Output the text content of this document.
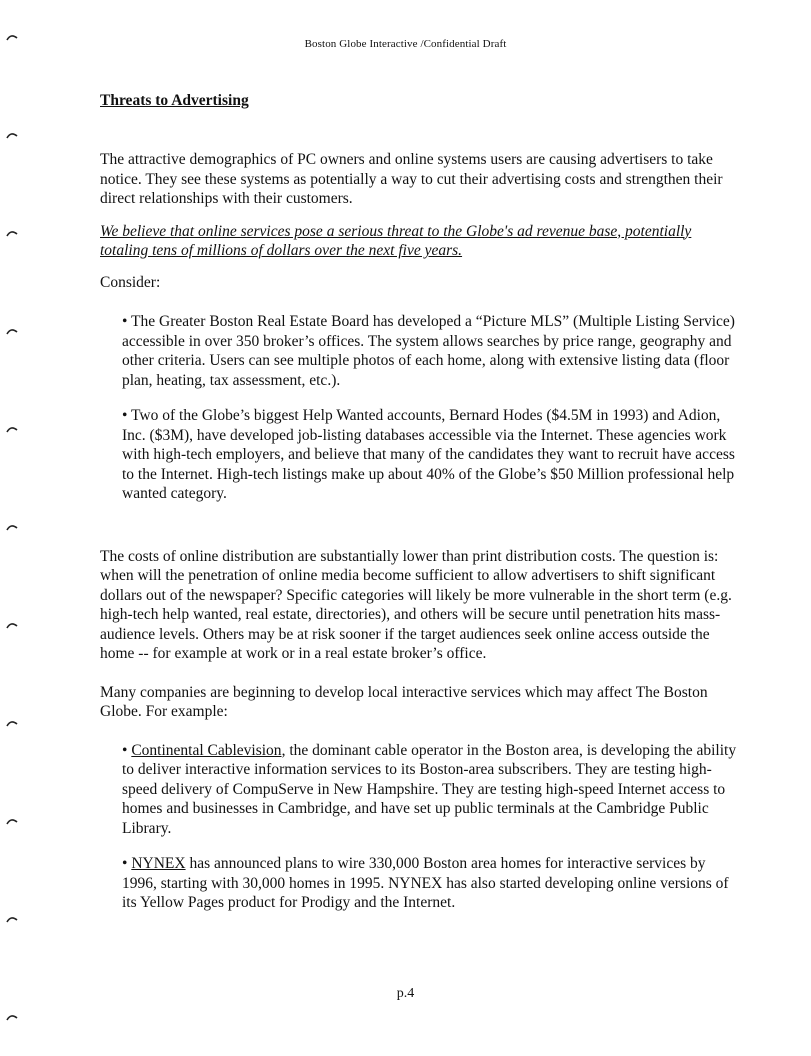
Boston Globe Interactive /Confidential Draft
Threats to Advertising

The attractive demographics of PC owners and online systems users are causing advertisers to take notice. They see these systems as potentially a way to cut their advertising costs and strengthen their direct relationships with their customers.

We believe that online services pose a serious threat to the Globe's ad revenue base, potentially totaling tens of millions of dollars over the next five years.

Consider:

• The Greater Boston Real Estate Board has developed a “Picture MLS” (Multiple Listing Service) accessible in over 350 broker’s offices. The system allows searches by price range, geography and other criteria. Users can see multiple photos of each home, along with extensive listing data (floor plan, heating, tax assessment, etc.).

• Two of the Globe’s biggest Help Wanted accounts, Bernard Hodes ($4.5M in 1993) and Adion, Inc. ($3M), have developed job-listing databases accessible via the Internet. These agencies work with high-tech employers, and believe that many of the candidates they want to recruit have access to the Internet. High-tech listings make up about 40% of the Globe’s $50 Million professional help wanted category.

The costs of online distribution are substantially lower than print distribution costs. The question is: when will the penetration of online media become sufficient to allow advertisers to shift significant dollars out of the newspaper? Specific categories will likely be more vulnerable in the short term (e.g. high-tech help wanted, real estate, directories), and others will be secure until penetration hits mass-audience levels. Others may be at risk sooner if the target audiences seek online access outside the home -- for example at work or in a real estate broker’s office.

Many companies are beginning to develop local interactive services which may affect The Boston Globe. For example:

• Continental Cablevision, the dominant cable operator in the Boston area, is developing the ability to deliver interactive information services to its Boston-area subscribers. They are testing high-speed delivery of CompuServe in New Hampshire. They are testing high-speed Internet access to homes and businesses in Cambridge, and have set up public terminals at the Cambridge Public Library.

• NYNEX has announced plans to wire 330,000 Boston area homes for interactive services by 1996, starting with 30,000 homes in 1995. NYNEX has also started developing online versions of its Yellow Pages product for Prodigy and the Internet.

p.4
